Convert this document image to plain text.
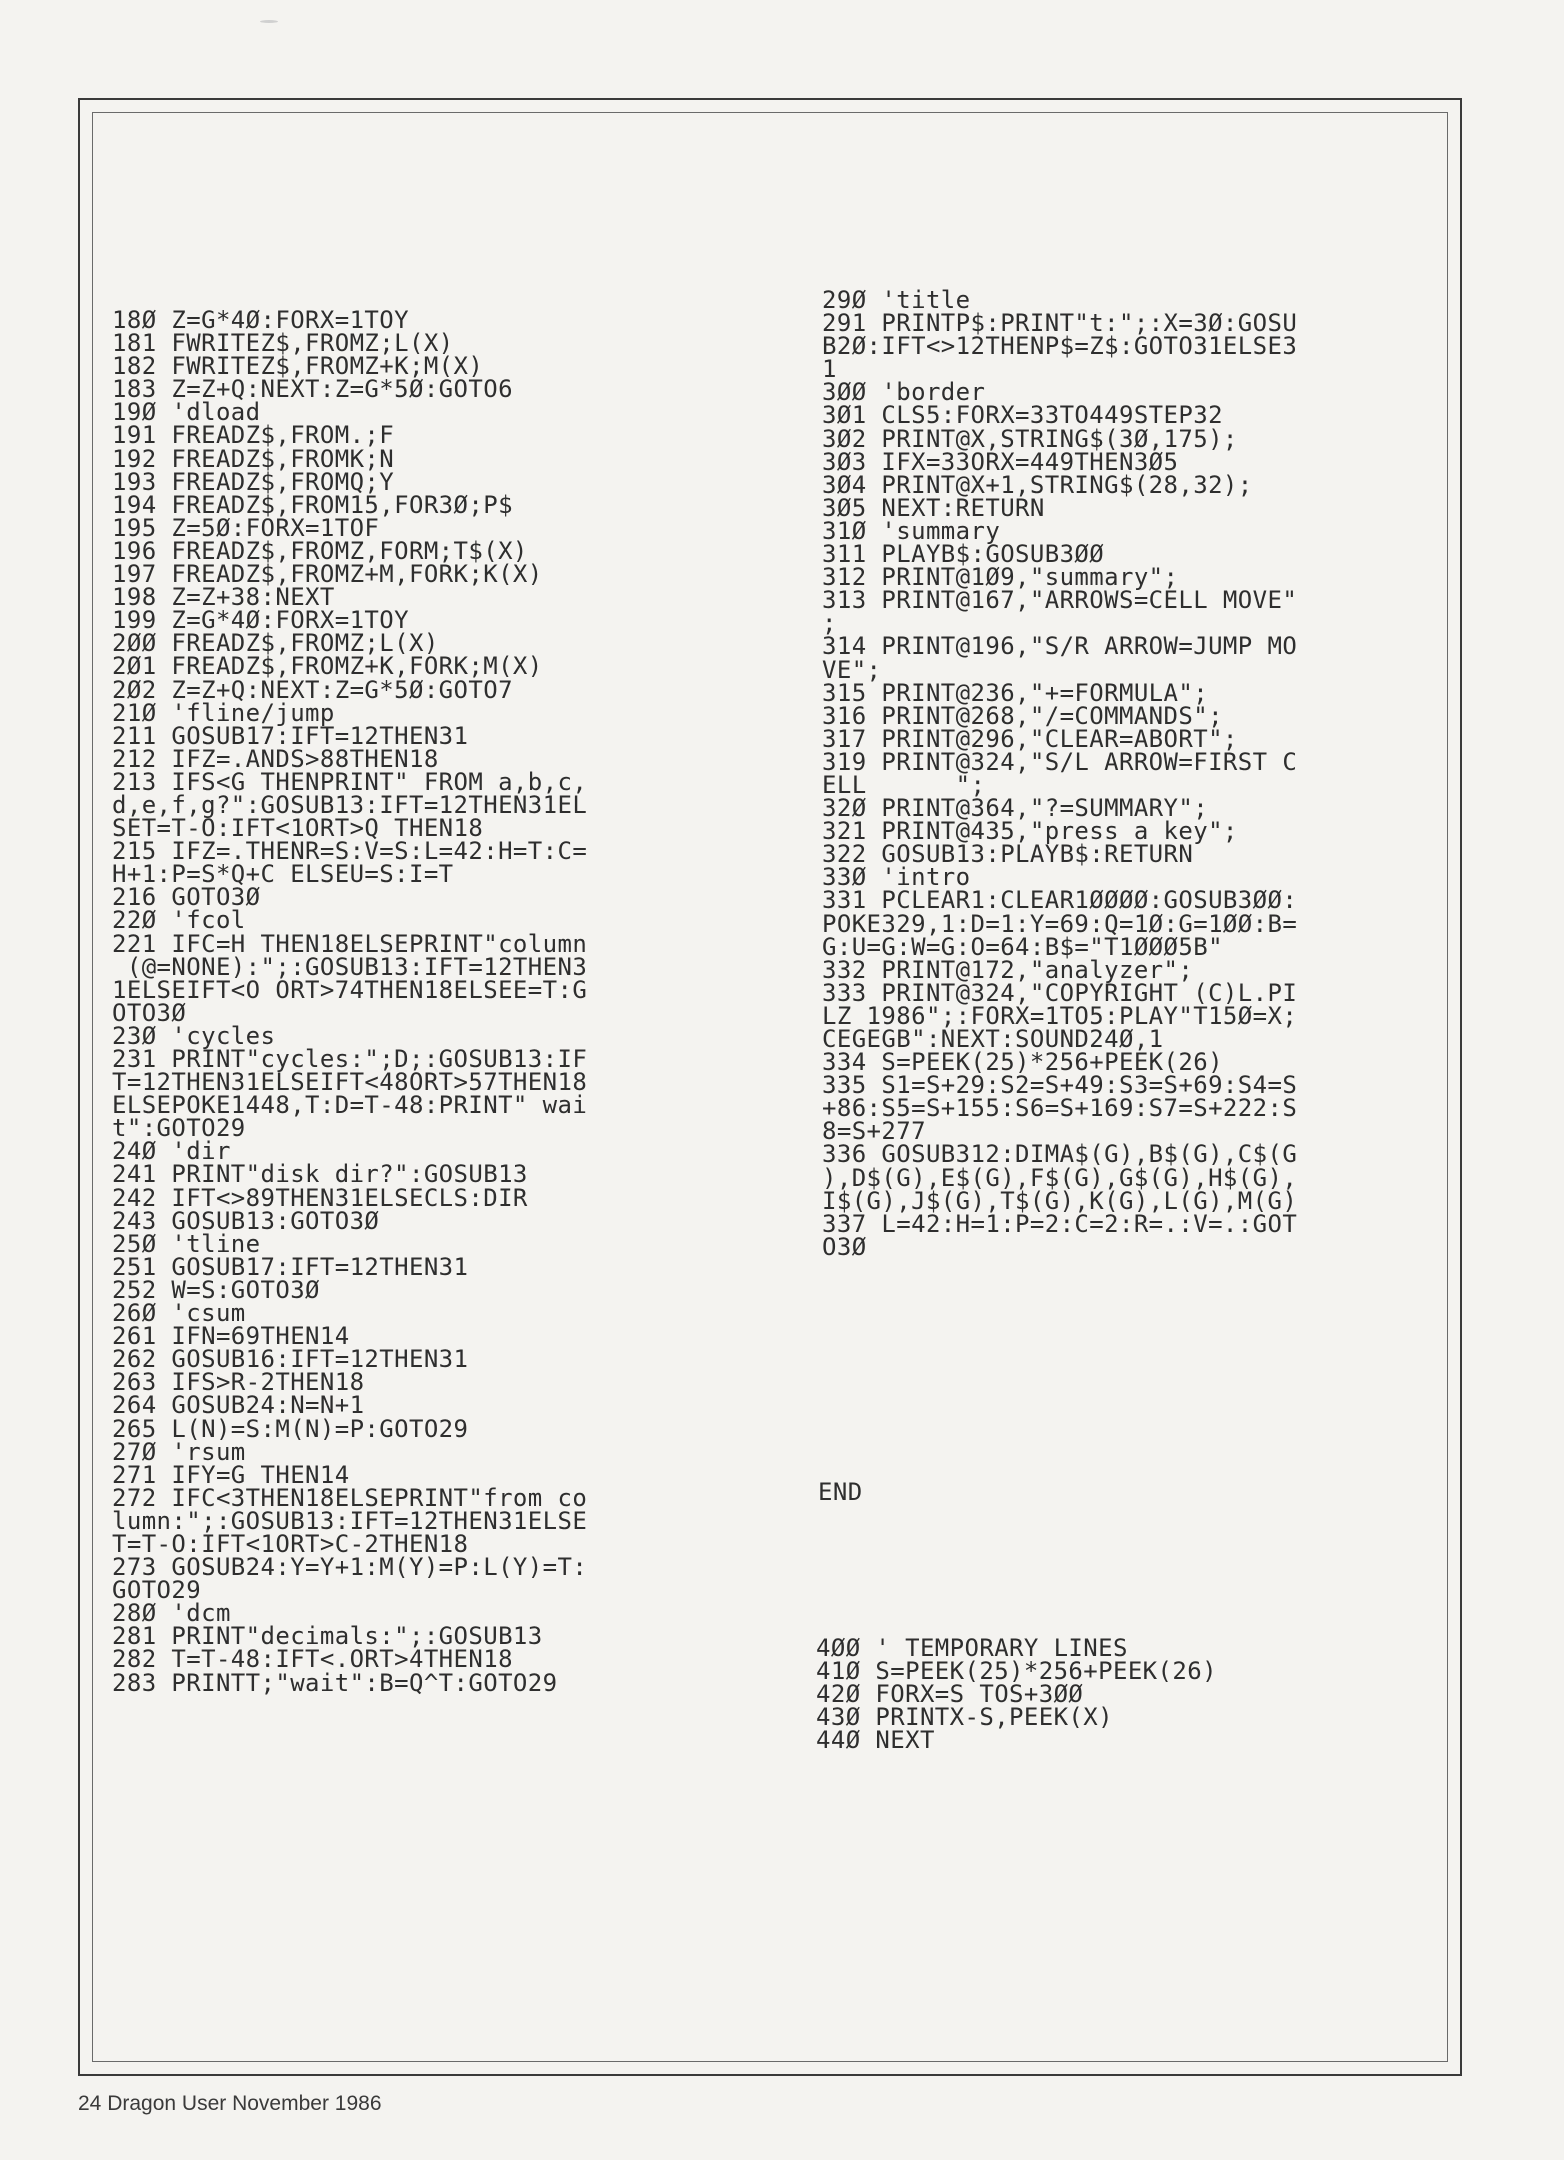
18Ø Z=G*4Ø:FORX=1TOY
181 FWRITEZ$,FROMZ;L(X)
182 FWRITEZ$,FROMZ+K;M(X)
183 Z=Z+Q:NEXT:Z=G*5Ø:GOTO6
19Ø 'dload
191 FREADZ$,FROM.;F
192 FREADZ$,FROMK;N
193 FREADZ$,FROMQ;Y
194 FREADZ$,FROM15,FOR3Ø;P$
195 Z=5Ø:FORX=1TOF
196 FREADZ$,FROMZ,FORM;T$(X)
197 FREADZ$,FROMZ+M,FORK;K(X)
198 Z=Z+38:NEXT
199 Z=G*4Ø:FORX=1TOY
2ØØ FREADZ$,FROMZ;L(X)
2Ø1 FREADZ$,FROMZ+K,FORK;M(X)
2Ø2 Z=Z+Q:NEXT:Z=G*5Ø:GOTO7
21Ø 'fline/jump
211 GOSUB17:IFT=12THEN31
212 IFZ=.ANDS>88THEN18
213 IFS<G THENPRINT" FROM a,b,c,
d,e,f,g?":GOSUB13:IFT=12THEN31EL
SET=T-O:IFT<1ORT>Q THEN18
215 IFZ=.THENR=S:V=S:L=42:H=T:C=
H+1:P=S*Q+C ELSEU=S:I=T
216 GOTO3Ø
22Ø 'fcol
221 IFC=H THEN18ELSEPRINT"column
(@=NONE):";:GOSUB13:IFT=12THEN3
1ELSEIFT<O ORT>74THEN18ELSEE=T:G
OTO3Ø
23Ø 'cycles
231 PRINT"cycles:";D;:GOSUB13:IF
T=12THEN31ELSEIFT<48ORT>57THEN18
ELSEPOKE1448,T:D=T-48:PRINT" wai
t":GOTO29
24Ø 'dir
241 PRINT"disk dir?":GOSUB13
242 IFT<>89THEN31ELSECLS:DIR
243 GOSUB13:GOTO3Ø
25Ø 'tline
251 GOSUB17:IFT=12THEN31
252 W=S:GOTO3Ø
26Ø 'csum
261 IFN=69THEN14
262 GOSUB16:IFT=12THEN31
263 IFS>R-2THEN18
264 GOSUB24:N=N+1
265 L(N)=S:M(N)=P:GOTO29
27Ø 'rsum
271 IFY=G THEN14
272 IFC<3THEN18ELSEPRINT"from co
lumn:";:GOSUB13:IFT=12THEN31ELSE
T=T-O:IFT<1ORT>C-2THEN18
273 GOSUB24:Y=Y+1:M(Y)=P:L(Y)=T:
GOTO29
28Ø 'dcm
281 PRINT"decimals:";:GOSUB13
282 T=T-48:IFT<.ORT>4THEN18
283 PRINTT;"wait":B=Q^T:GOTO29
29Ø 'title
291 PRINTP$:PRINT"t:";:X=3Ø:GOSU
B2Ø:IFT<>12THENP$=Z$:GOTO31ELSE3
1
3ØØ 'border
3Ø1 CLS5:FORX=33TO449STEP32
3Ø2 PRINT@X,STRING$(3Ø,175);
3Ø3 IFX=33ORX=449THEN3Ø5
3Ø4 PRINT@X+1,STRING$(28,32);
3Ø5 NEXT:RETURN
31Ø 'summary
311 PLAYB$:GOSUB3ØØ
312 PRINT@1Ø9,"summary";
313 PRINT@167,"ARROWS=CELL MOVE"
;
314 PRINT@196,"S/R ARROW=JUMP MO
VE";
315 PRINT@236,"+=FORMULA";
316 PRINT@268,"/=COMMANDS";
317 PRINT@296,"CLEAR=ABORT";
319 PRINT@324,"S/L ARROW=FIRST C
ELL      ";
32Ø PRINT@364,"?=SUMMARY";
321 PRINT@435,"press a key";
322 GOSUB13:PLAYB$:RETURN
33Ø 'intro
331 PCLEAR1:CLEAR1ØØØØ:GOSUB3ØØ:
POKE329,1:D=1:Y=69:Q=1Ø:G=1ØØ:B=
G:U=G:W=G:O=64:B$="T1ØØØ5B"
332 PRINT@172,"analyzer";
333 PRINT@324,"COPYRIGHT (C)L.PI
LZ 1986";:FORX=1TO5:PLAY"T15Ø=X;
CEGEGB":NEXT:SOUND24Ø,1
334 S=PEEK(25)*256+PEEK(26)
335 S1=S+29:S2=S+49:S3=S+69:S4=S
+86:S5=S+155:S6=S+169:S7=S+222:S
8=S+277
336 GOSUB312:DIMA$(G),B$(G),C$(G
),D$(G),E$(G),F$(G),G$(G),H$(G),
I$(G),J$(G),T$(G),K(G),L(G),M(G)
337 L=42:H=1:P=2:C=2:R=.:V=.:GOT
O3Ø
END
4ØØ ' TEMPORARY LINES
41Ø S=PEEK(25)*256+PEEK(26)
42Ø FORX=S TOS+3ØØ
43Ø PRINTX-S,PEEK(X)
44Ø NEXT
24 Dragon User November 1986
